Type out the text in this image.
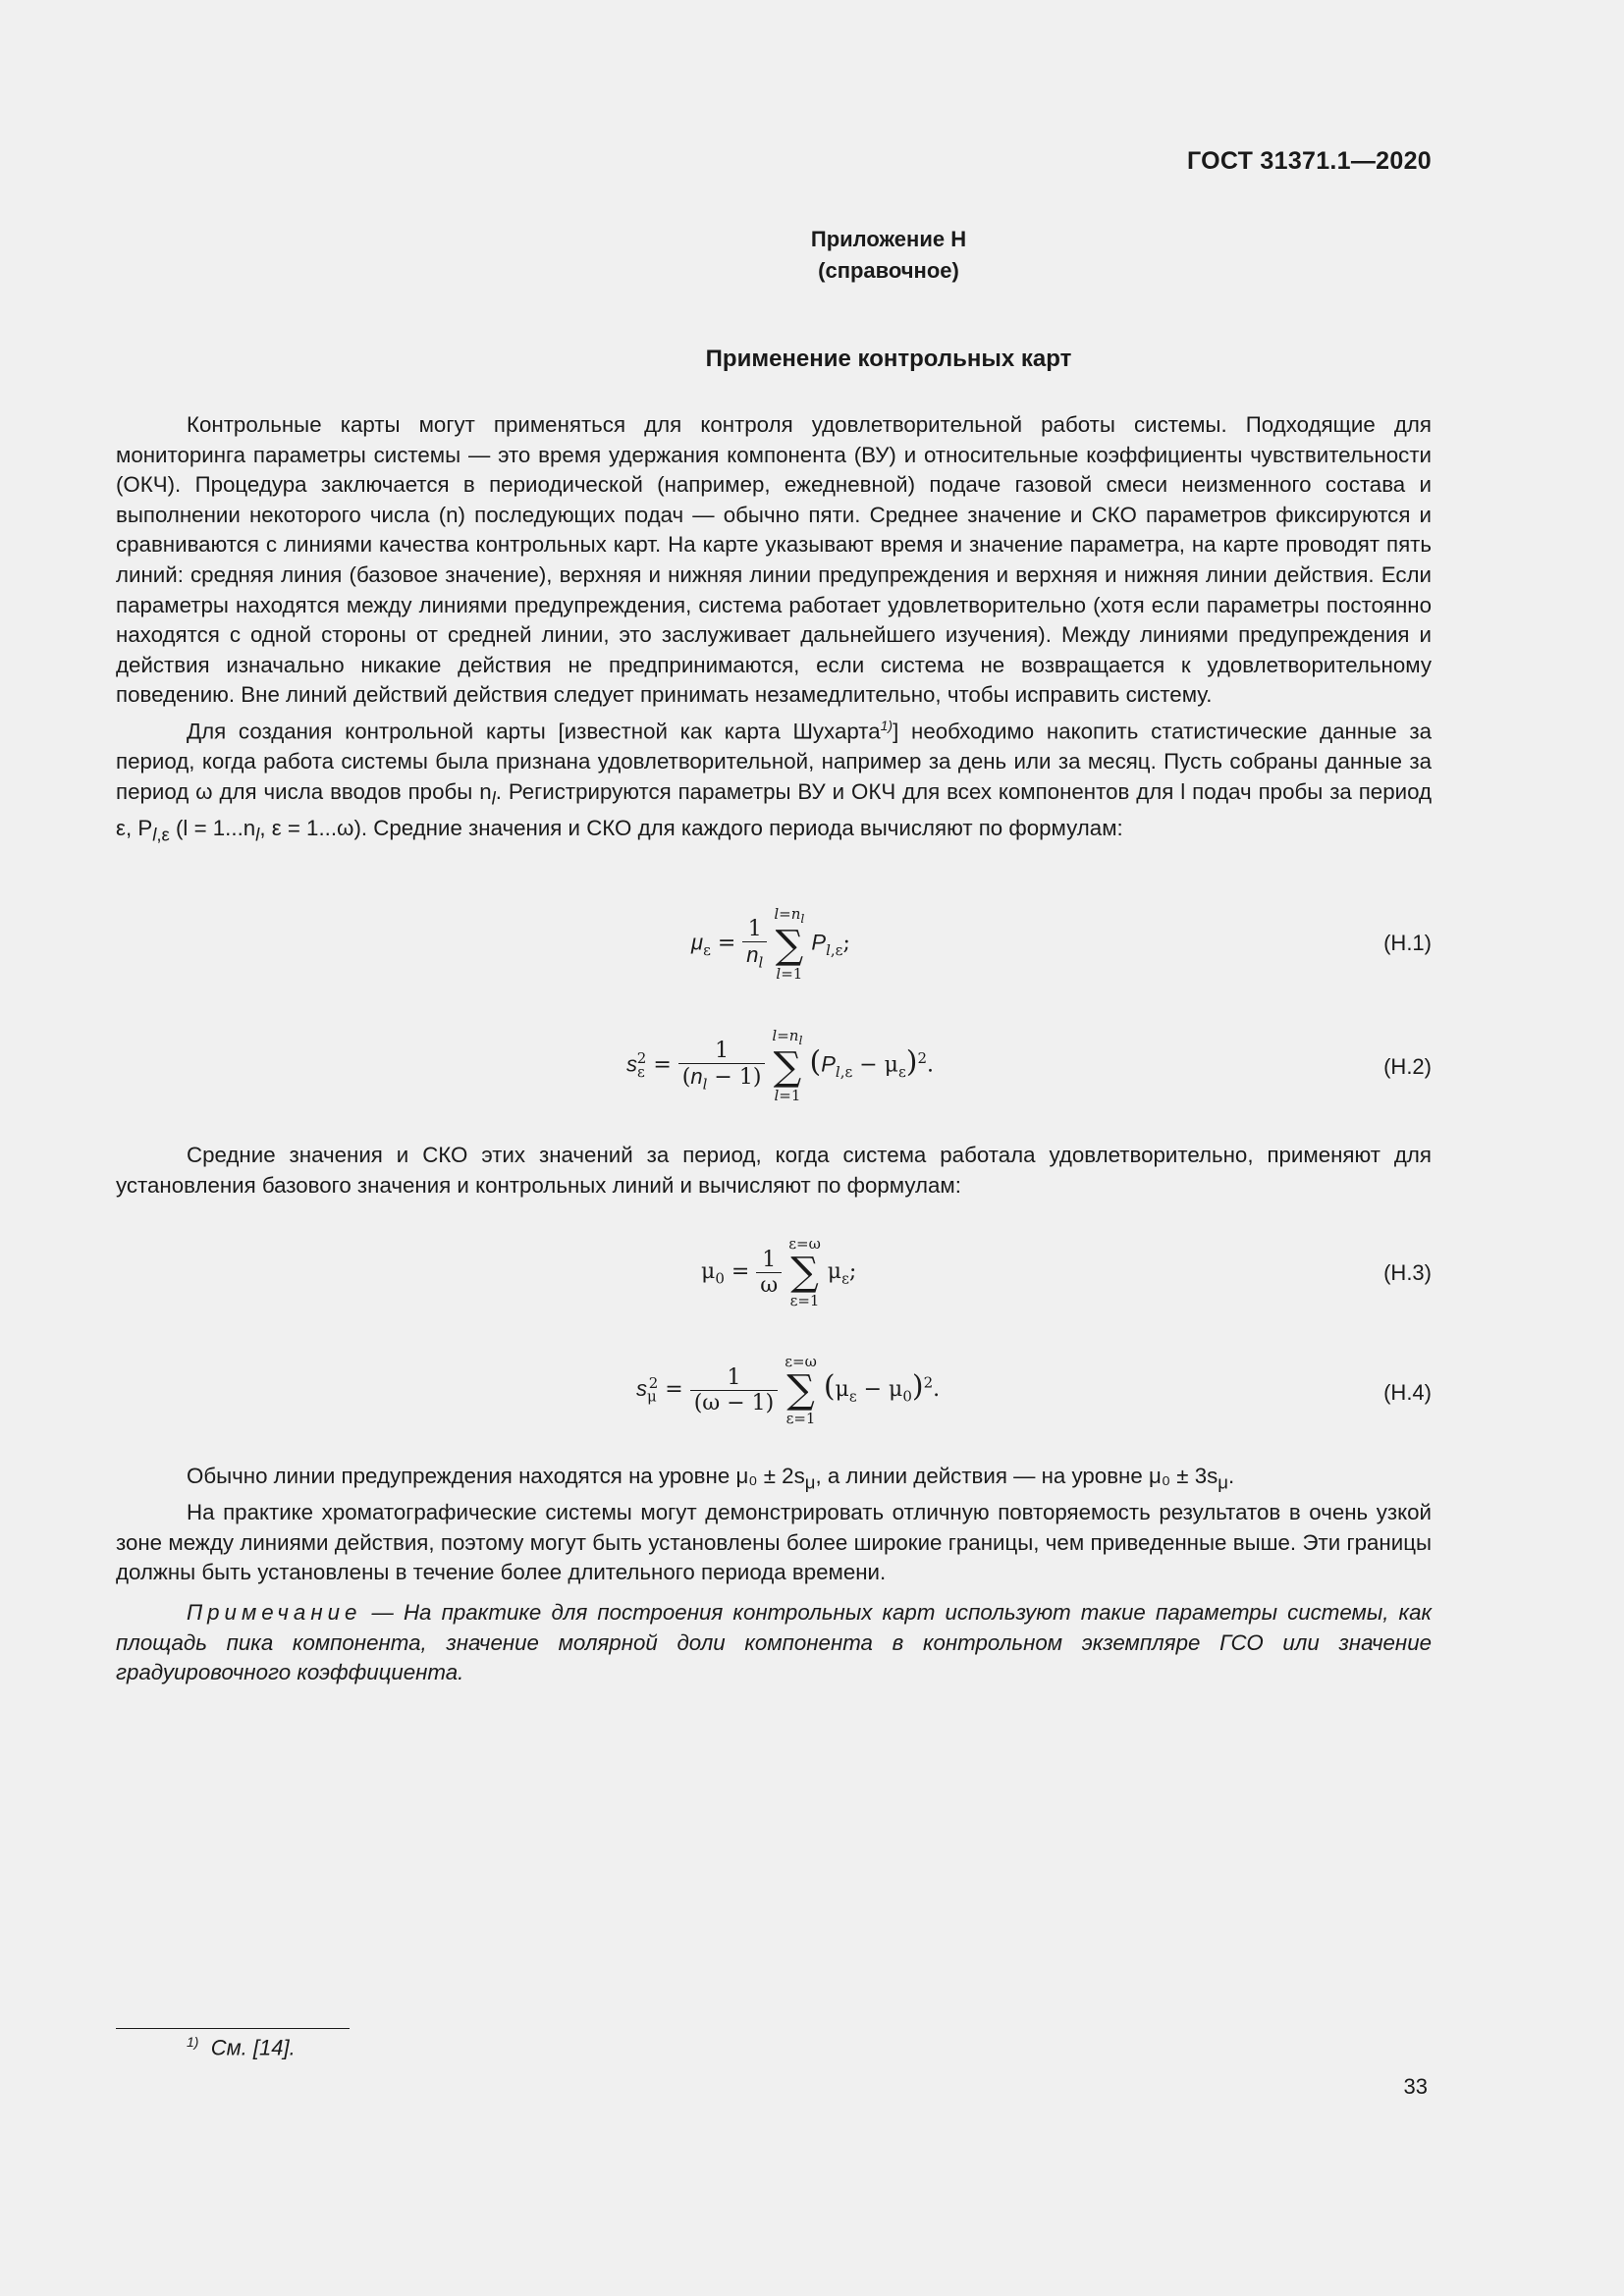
ГОСТ 31371.1—2020
Приложение Н
(справочное)
Применение контрольных карт

Контрольные карты могут применяться для контроля удовлетворительной работы системы. Подходящие для мониторинга параметры системы — это время удержания компонента (ВУ) и относительные коэффициенты чувствительности (ОКЧ). Процедура заключается в периодической (например, ежедневной) подаче газовой смеси неизменного состава и выполнении некоторого числа (n) последующих подач — обычно пяти. Среднее значение и СКО параметров фиксируются и сравниваются с линиями качества контрольных карт. На карте указывают время и значение параметра, на карте проводят пять линий: средняя линия (базовое значение), верхняя и нижняя линии предупреждения и верхняя и нижняя линии действия. Если параметры находятся между линиями предупреждения, система работает удовлетворительно (хотя если параметры постоянно находятся с одной стороны от средней линии, это заслуживает дальнейшего изучения). Между линиями предупреждения и действия изначально никакие действия не предпринимаются, если система не возвращается к удовлетворительному поведению. Вне линий действий действия следует принимать незамедлительно, чтобы исправить систему.

Для создания контрольной карты [известной как карта Шухарта$^{1)}$] необходимо накопить статистические данные за период, когда работа системы была признана удовлетворительной, например за день или за месяц. Пусть собраны данные за период ω для числа вводов пробы $n_l$. Регистрируются параметры ВУ и ОКЧ для всех компонентов для l подач пробы за период ε, $P_{l,\varepsilon}$ ($l = 1...n_l$, ε = 1...ω). Средние значения и СКО для каждого периода вычисляют по формулам:

$\mu_\varepsilon = \frac{1}{n_l}$

$l=n_l$
∑
l=1
$P_{l,\varepsilon}$;	(Н.1)
$s_\varepsilon^2 = \frac{1}{(n_l - 1)}$

$l=n_l$
∑
l=1
$(P_{l,\varepsilon} - \mu_\varepsilon)^2$.	(Н.2)

Средние значения и СКО этих значений за период, когда система работала удовлетворительно, применяют для установления базового значения и контрольных линий и вычисляют по формулам:

$\mu_0 = \frac{1}{\omega}$

ε=ω
∑
ε=1
$\mu_\varepsilon$;	(Н.3)
$s_\mu^2 = \frac{1}{(\omega - 1)}$

ε=ω
∑
ε=1
$(\mu_\varepsilon - \mu_0)^2$.	(Н.4)

Обычно линии предупреждения находятся на уровне $\mu_0 \pm 2s_\mu$, а линии действия — на уровне $\mu_0 \pm 3s_\mu$.

На практике хроматографические системы могут демонстрировать отличную повторяемость результатов в очень узкой зоне между линиями действия, поэтому могут быть установлены более широкие границы, чем приведенные выше. Эти границы должны быть установлены в течение более длительного периода времени.

Примечание — На практике для построения контрольных карт используют такие параметры системы, как площадь пика компонента, значение молярной доли компонента в контрольном экземпляре ГСО или значение градуировочного коэффициента.
$^{1)}$ См. [14].
33
